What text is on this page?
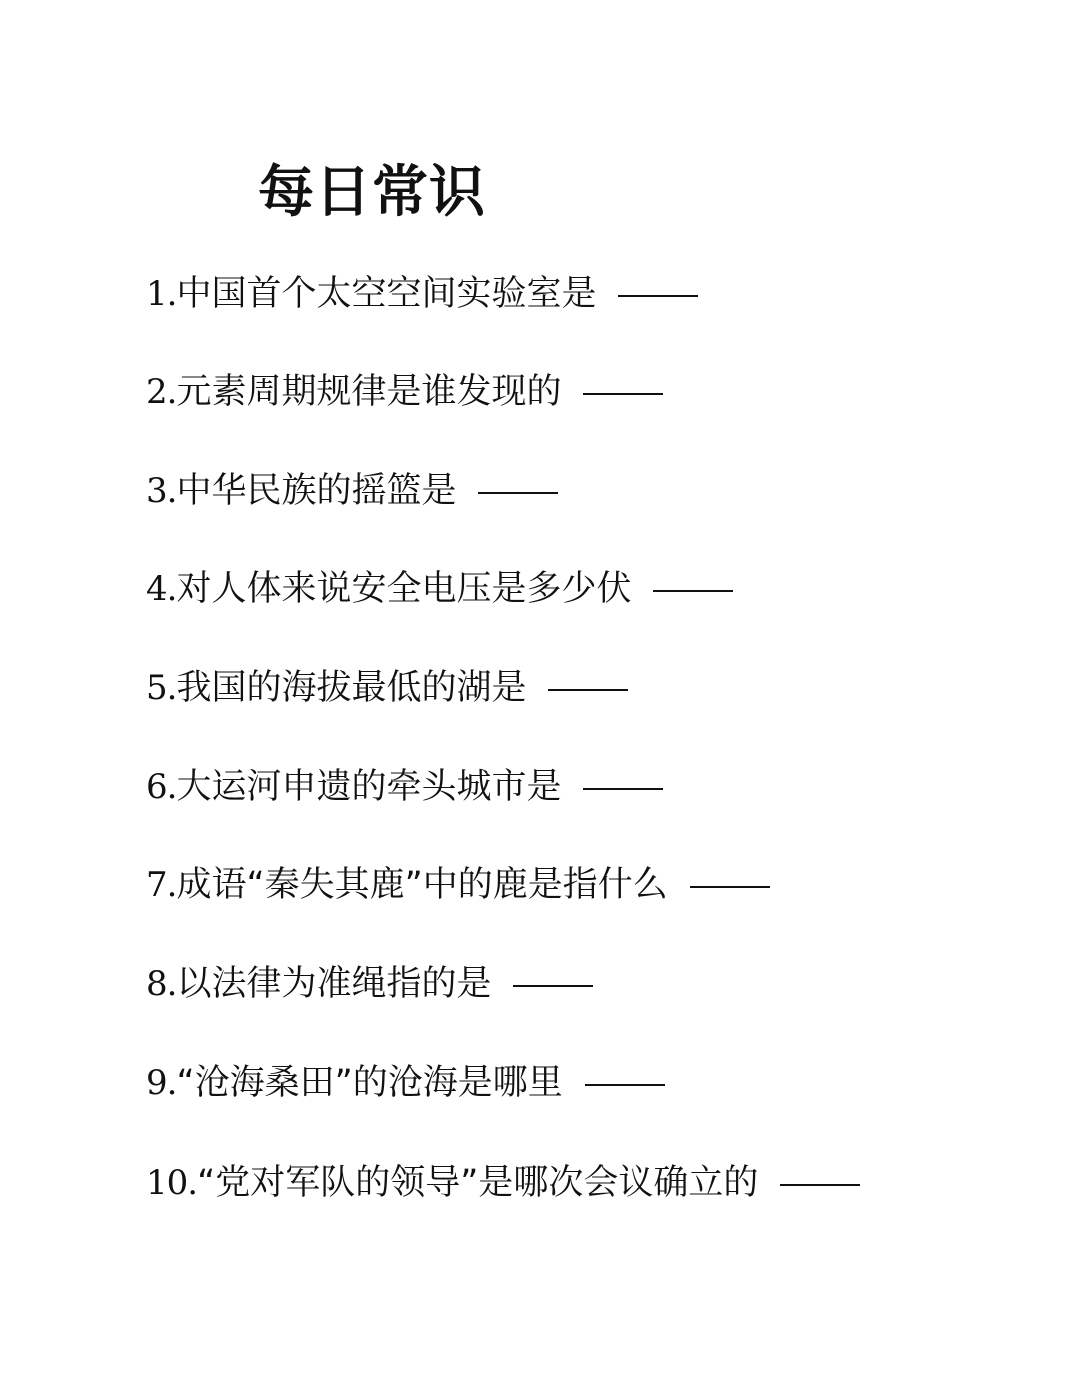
每日常识
1. 中国首个太空空间实验室是
2. 元素周期规律是谁发现的
3. 中华民族的摇篮是
4. 对人体来说安全电压是多少伏
5. 我国的海拔最低的湖是
6. 大运河申遗的牵头城市是
7. 成语“秦失其鹿”中的鹿是指什么
8. 以法律为准绳指的是
9. “沧海桑田”的沧海是哪里
10. “党对军队的领导”是哪次会议确立的
